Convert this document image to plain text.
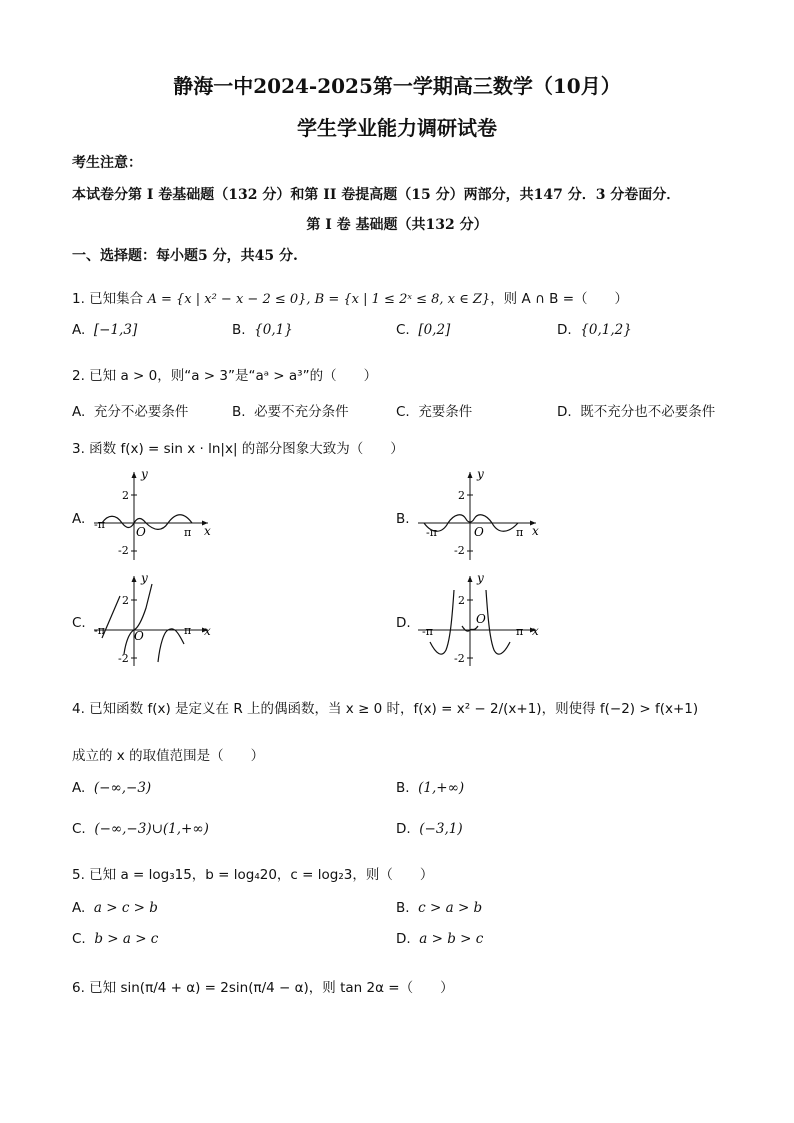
静海一中2024-2025第一学期高三数学（10月）
学生学业能力调研试卷
考生注意：
本试卷分第 I 卷基础题（132 分）和第 II 卷提高题（15 分）两部分，共147 分．3 分卷面分．
第 I 卷 基础题（共132 分）
一、选择题：每小题5 分，共45 分.
1. 已知集合 A = {x | x² − x − 2 ≤ 0}, B = {x | 1 ≤ 2ˣ ≤ 8, x ∈ Z}，则 A ∩ B =（　　）
A. [−1,3]	B. {0,1}	C. [0,2]	D. {0,1,2}
2. 已知 a > 0，则“a > 3”是“aᵃ > a³”的（　　）
A. 充分不必要条件	B. 必要不充分条件	C. 充要条件	D. 既不充分也不必要条件
3. 函数 f(x) = sin x · ln|x| 的部分图象大致为（　　）
A.	B.
C.	D.
y
x
O
2
-2
-π
π
y
x
O
2
-2
-π	π
y
x
O
2
-2
-π	π
y
x
O
2
-2
-π	π
4. 已知函数 f(x) 是定义在 R 上的偶函数，当 x ≥ 0 时，f(x) = x² − 2/(x+1)，则使得 f(−2) > f(x+1)
成立的 x 的取值范围是（　　）
A. (−∞,−3)	B. (1,+∞)
C. (−∞,−3)∪(1,+∞)	D. (−3,1)
5. 已知 a = log₃15，b = log₄20，c = log₂3，则（　　）
A. a > c > b	B. c > a > b
C. b > a > c	D. a > b > c
6. 已知 sin(π/4 + α) = 2sin(π/4 − α)，则 tan 2α =（　　）
